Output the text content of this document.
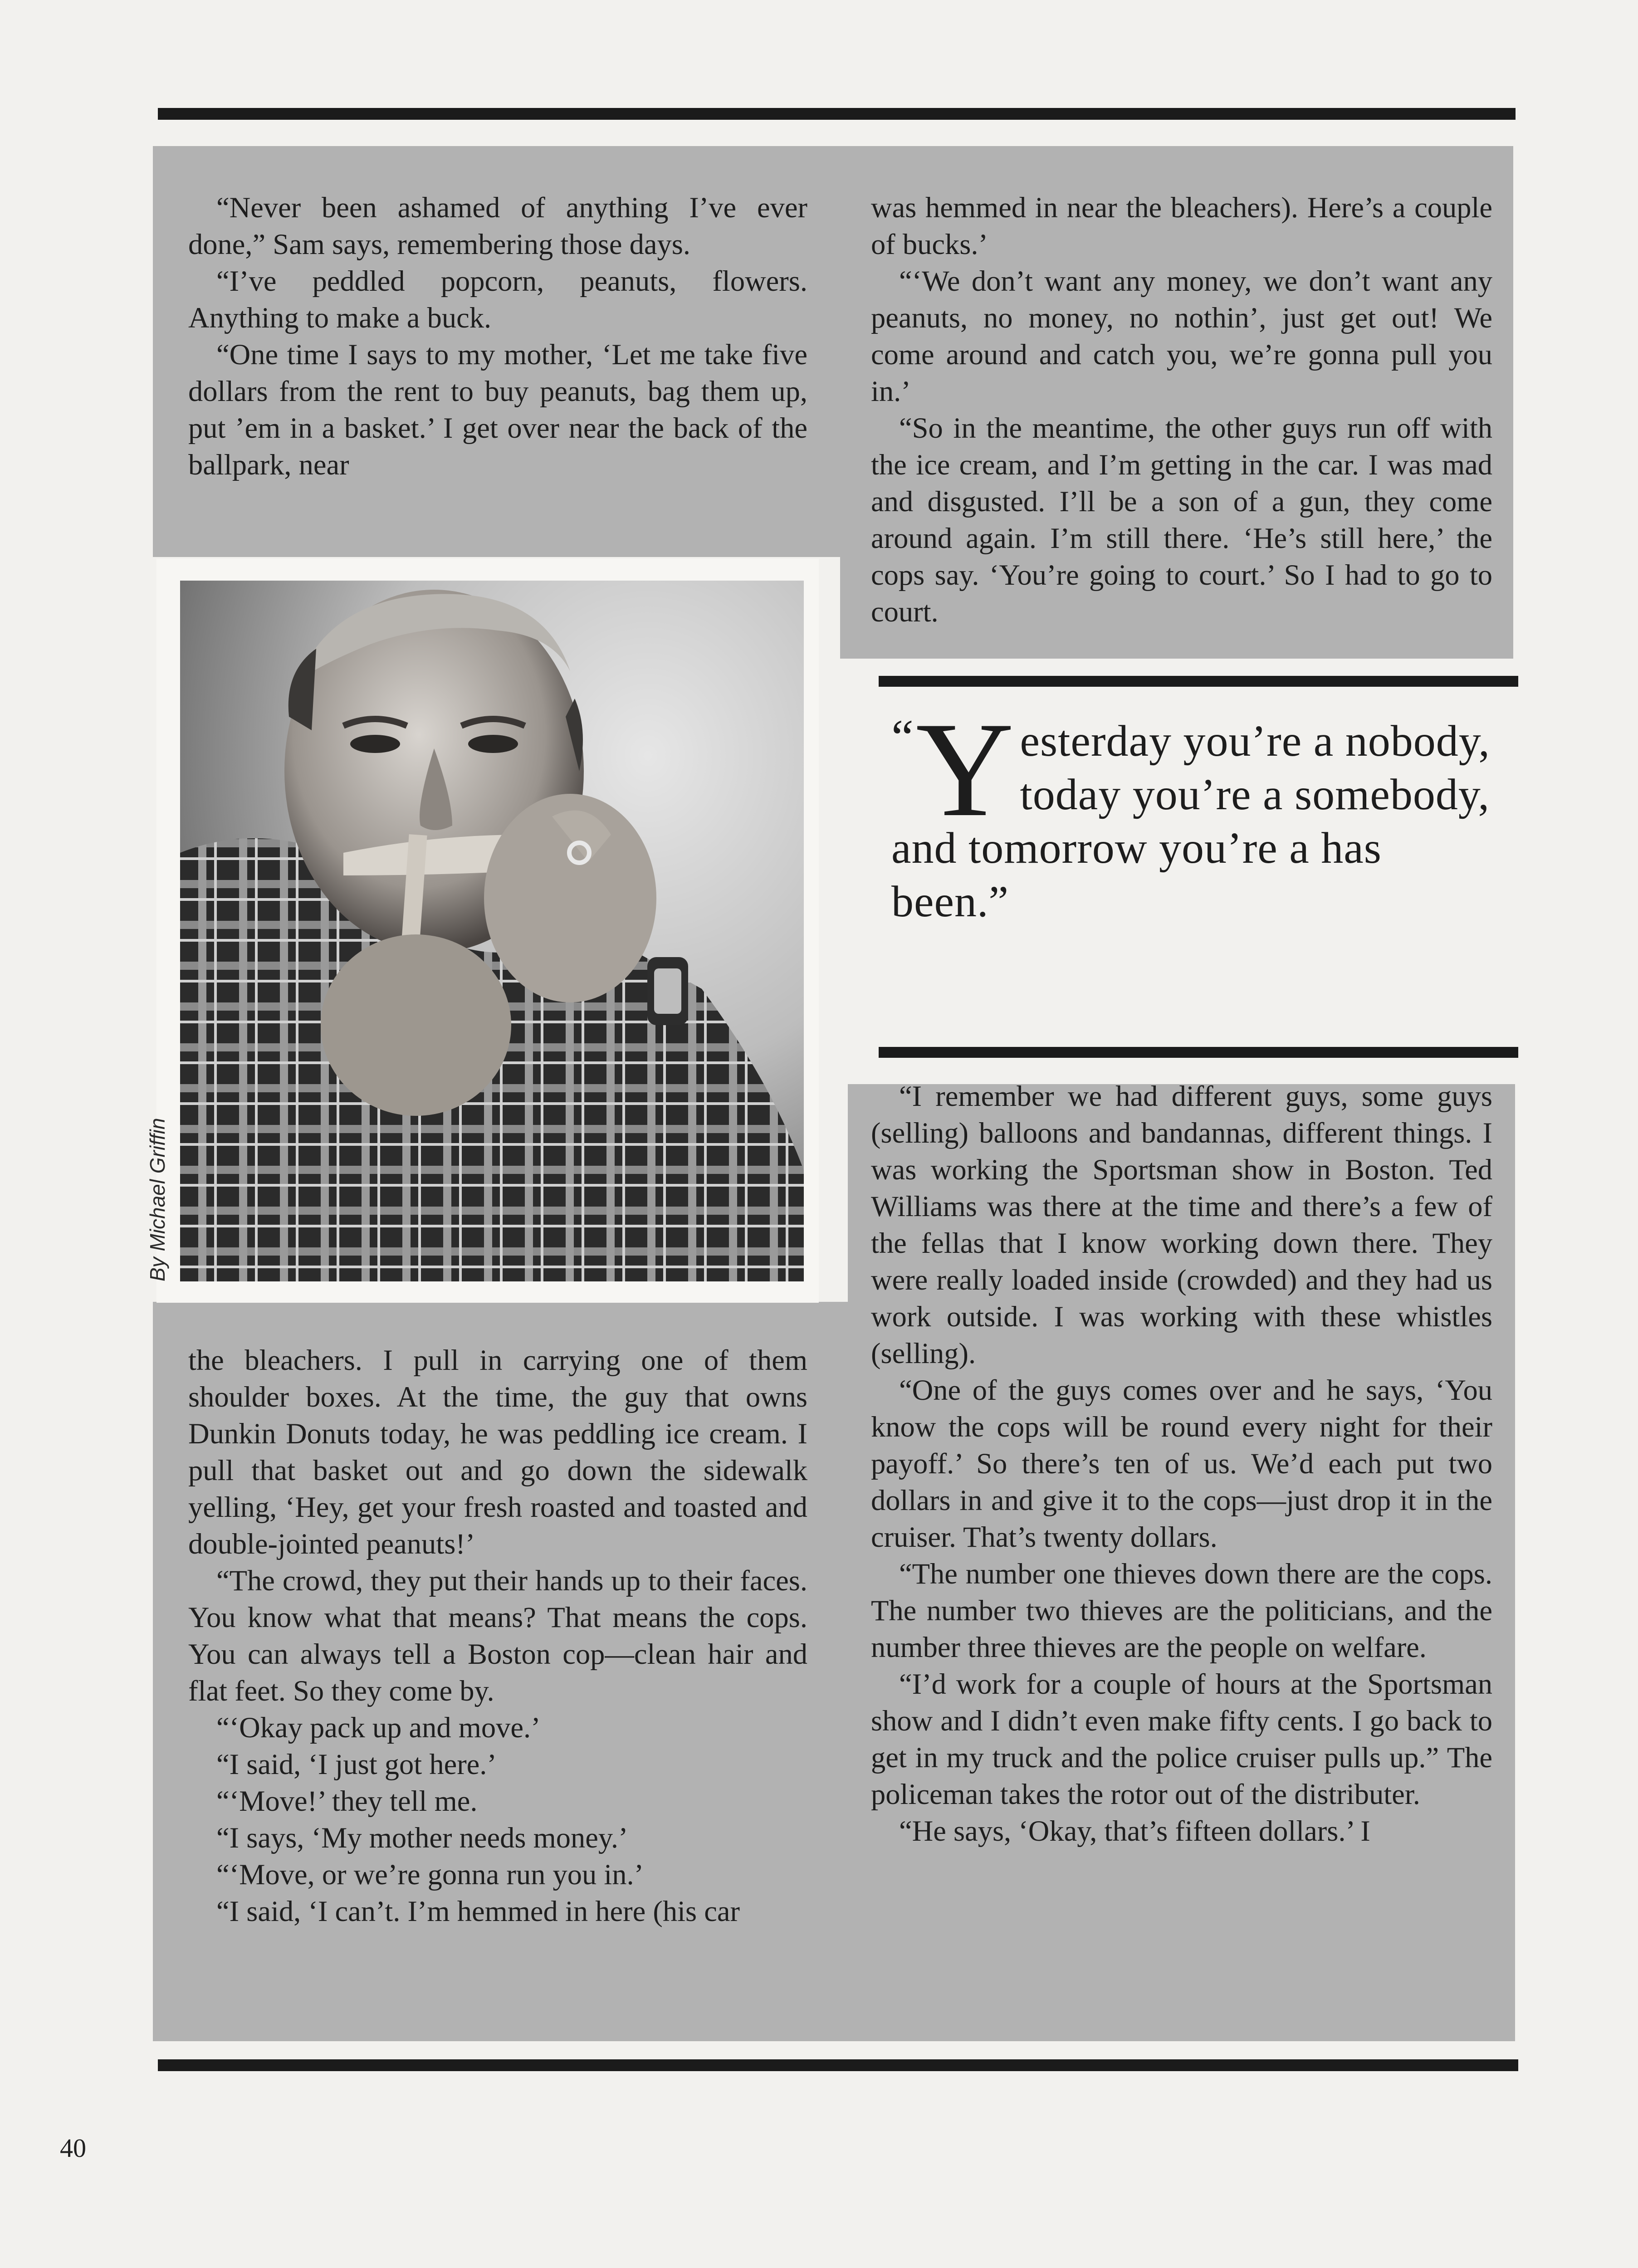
By Michael Griffin

“Never been ashamed of anything I’ve ever done,” Sam says, remembering those days.

“I’ve peddled popcorn, peanuts, flowers. Anything to make a buck.

“One time I says to my mother, ‘Let me take five dollars from the rent to buy peanuts, bag them up, put ’em in a basket.’ I get over near the back of the ballpark, near

the bleachers. I pull in carrying one of them shoulder boxes. At the time, the guy that owns Dunkin Donuts today, he was peddling ice cream. I pull that basket out and go down the sidewalk yelling, ‘Hey, get your fresh roasted and toasted and double-jointed peanuts!’

“The crowd, they put their hands up to their faces. You know what that means? That means the cops. You can always tell a Boston cop—clean hair and flat feet. So they come by.

“‘Okay pack up and move.’

“I said, ‘I just got here.’

“‘Move!’ they tell me.

“I says, ‘My mother needs money.’

“‘Move, or we’re gonna run you in.’

“I said, ‘I can’t. I’m hemmed in here (his car

was hemmed in near the bleachers). Here’s a couple of bucks.’

“‘We don’t want any money, we don’t want any peanuts, no money, no nothin’, just get out! We come around and catch you, we’re gonna pull you in.’

“So in the meantime, the other guys run off with the ice cream, and I’m getting in the car. I was mad and disgusted. I’ll be a son of a gun, they come around again. I’m still there. ‘He’s still here,’ the cops say. ‘You’re going to court.’ So I had to go to court.

“ Y esterday you’re a nobody, today you’re a somebody, and tomorrow you’re a has been.”

“I remember we had different guys, some guys (selling) balloons and bandannas, different things. I was working the Sportsman show in Boston. Ted Williams was there at the time and there’s a few of the fellas that I know working down there. They were really loaded inside (crowded) and they had us work outside. I was working with these whistles (selling).

“One of the guys comes over and he says, ‘You know the cops will be round every night for their payoff.’ So there’s ten of us. We’d each put two dollars in and give it to the cops—just drop it in the cruiser. That’s twenty dollars.

“The number one thieves down there are the cops. The number two thieves are the politicians, and the number three thieves are the people on welfare.

“I’d work for a couple of hours at the Sportsman show and I didn’t even make fifty cents. I go back to get in my truck and the police cruiser pulls up.” The policeman takes the rotor out of the distributer.

“He says, ‘Okay, that’s fifteen dollars.’ I

40
